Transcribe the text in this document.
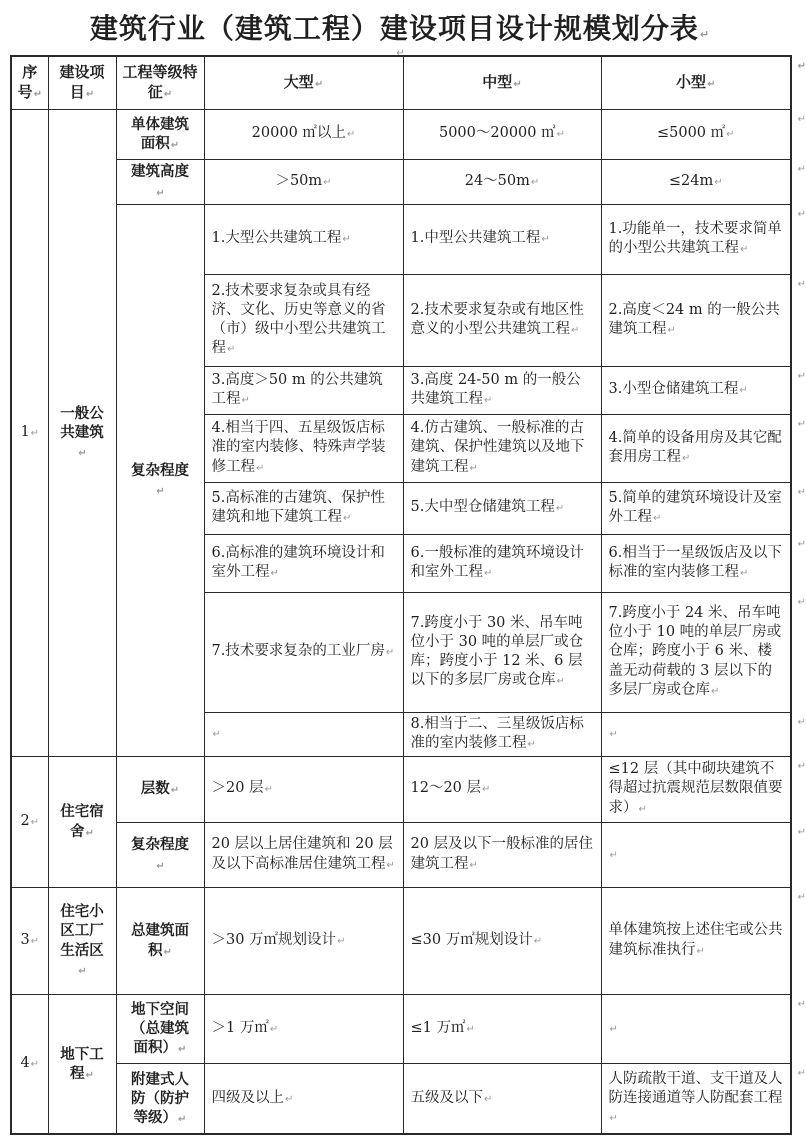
建筑行业（建筑工程）建设项目设计规模划分表↵
↵
序号↵	建设项目↵	工程等级特征↵	大型↵	中型↵	小型↵
↵

1↵	一般公共建筑↵	单体建筑面积↵	20000 ㎡以上↵	5000～20000 ㎡↵	≤5000 ㎡↵
↵

		建筑高度↵	＞50m↵	24～50m↵	≤24m↵
↵

		复杂程度↵	1.大型公共建筑工程↵	1.中型公共建筑工程↵	1.功能单一，技术要求简单的小型公共建筑工程↵
↵

			2.技术要求复杂或具有经济、文化、历史等意义的省（市）级中小型公共建筑工程↵	2.技术要求复杂或有地区性意义的小型公共建筑工程↵	2.高度＜24 m 的一般公共建筑工程↵
↵

			3.高度＞50 m 的公共建筑工程↵	3.高度 24-50 m 的一般公共建筑工程↵	3.小型仓储建筑工程↵
↵

			4.相当于四、五星级饭店标准的室内装修、特殊声学装修工程↵	4.仿古建筑、一般标准的古建筑、保护性建筑以及地下建筑工程↵	4.简单的设备用房及其它配套用房工程↵
↵

			5.高标准的古建筑、保护性建筑和地下建筑工程↵	5.大中型仓储建筑工程↵	5.简单的建筑环境设计及室外工程↵
↵

			6.高标准的建筑环境设计和室外工程↵	6.一般标准的建筑环境设计和室外工程↵	6.相当于一星级饭店及以下标准的室内装修工程↵
↵

			7.技术要求复杂的工业厂房↵	7.跨度小于 30 米、吊车吨位小于 30 吨的单层厂或仓库；跨度小于 12 米、6 层以下的多层厂房或仓库↵	7.跨度小于 24 米、吊车吨位小于 10 吨的单层厂房或仓库；跨度小于 6 米、楼盖无动荷载的 3 层以下的多层厂房或仓库↵
↵

			↵	8.相当于二、三星级饭店标准的室内装修工程↵	↵
↵

2↵	住宅宿舍↵	层数↵	＞20 层↵	12～20 层↵	≤12 层（其中砌块建筑不得超过抗震规范层数限值要求）↵
↵

		复杂程度↵	20 层以上居住建筑和 20 层及以下高标准居住建筑工程↵	20 层及以下一般标准的居住建筑工程↵	↵
↵

3↵	住宅小区工厂生活区↵	总建筑面积↵	＞30 万㎡规划设计↵	≤30 万㎡规划设计↵	单体建筑按上述住宅或公共建筑标准执行↵
↵

4↵	地下工程↵	地下空间（总建筑面积）↵	＞1 万㎡↵	≤1 万㎡↵	↵
↵

		附建式人防（防护等级）↵	四级及以上↵	五级及以下↵	人防疏散干道、支干道及人防连接通道等人防配套工程↵
↵
